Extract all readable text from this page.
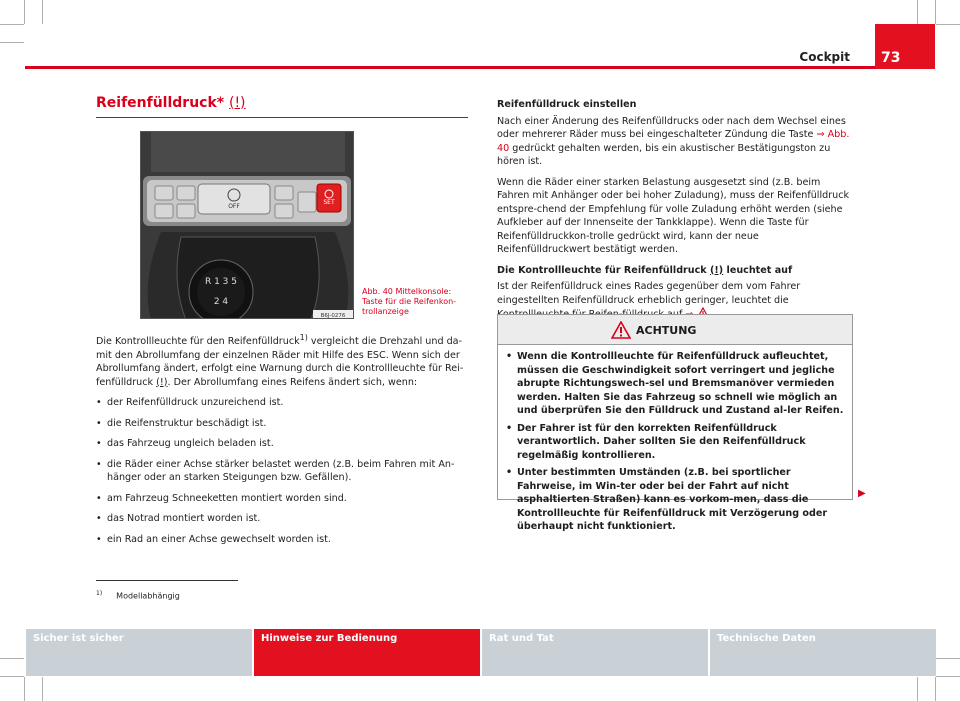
Cockpit	73
Reifenfülldruck* (!)
OFF
SET
R 1 3 5
2 4
B6J-0276
Abb. 40 Mittelkonsole: Taste für die Reifenkon-trollanzeige

Die Kontrollleuchte für den Reifenfülldruck$^{1)}$ vergleicht die Drehzahl und da-mit den Abrollumfang der einzelnen Räder mit Hilfe des ESC. Wenn sich der Abrollumfang ändert, erfolgt eine Warnung durch die Kontrollleuchte für Rei-fenfülldruck (!). Der Abrollumfang eines Reifens ändert sich, wenn:

• der Reifenfülldruck unzureichend ist.
• die Reifenstruktur beschädigt ist.
• das Fahrzeug ungleich beladen ist.
• die Räder einer Achse stärker belastet werden (z.B. beim Fahren mit An-hänger oder an starken Steigungen bzw. Gefällen).
• am Fahrzeug Schneeketten montiert worden sind.
• das Notrad montiert worden ist.
• ein Rad an einer Achse gewechselt worden ist.

Reifenfülldruck einstellen

Nach einer Änderung des Reifenfülldrucks oder nach dem Wechsel eines oder mehrerer Räder muss bei eingeschalteter Zündung die Taste ⇒ Abb. 40 gedrückt gehalten werden, bis ein akustischer Bestätigungston zu hören ist.

Wenn die Räder einer starken Belastung ausgesetzt sind (z.B. beim Fahren mit Anhänger oder bei hoher Zuladung), muss der Reifenfülldruck entspre-chend der Empfehlung für volle Zuladung erhöht werden (siehe Aufkleber auf der Innenseite der Tankklappe). Wenn die Taste für Reifenfülldruckkon-trolle gedrückt wird, kann der neue Reifenfülldruckwert bestätigt werden.

Die Kontrollleuchte für Reifenfülldruck (!) leuchtet auf

Ist der Reifenfülldruck eines Rades gegenüber dem vom Fahrer eingestellten Reifenfülldruck erheblich geringer, leuchtet die

ACHTUNG
• Wenn die Kontrollleuchte für Reifenfülldruck aufleuchtet, müssen die Geschwindigkeit sofort verringert und jegliche abrupte Richtungswech-sel und Bremsmanöver vermieden werden. Halten Sie das Fahrzeug so schnell wie möglich an und überprüfen Sie den Fülldruck und Zustand al-ler Reifen.
• Der Fahrer ist für den korrekten Reifenfülldruck verantwortlich. Daher sollten Sie den Reifenfülldruck regelmäßig kontrollieren.
• Unter bestimmten Umständen (z.B. bei sportlicher Fahrweise, im Win-ter oder bei der Fahrt auf nicht asphaltierten Straßen) kann es vorkom-men, dass die Kontrollleuchte für Reifenfülldruck mit Verzögerung oder überhaupt nicht funktioniert.
▶
$^{1)}$ Modellabhängig
Sicher ist sicher	Hinweise zur Bedienung	Rat und Tat	Technische Daten
